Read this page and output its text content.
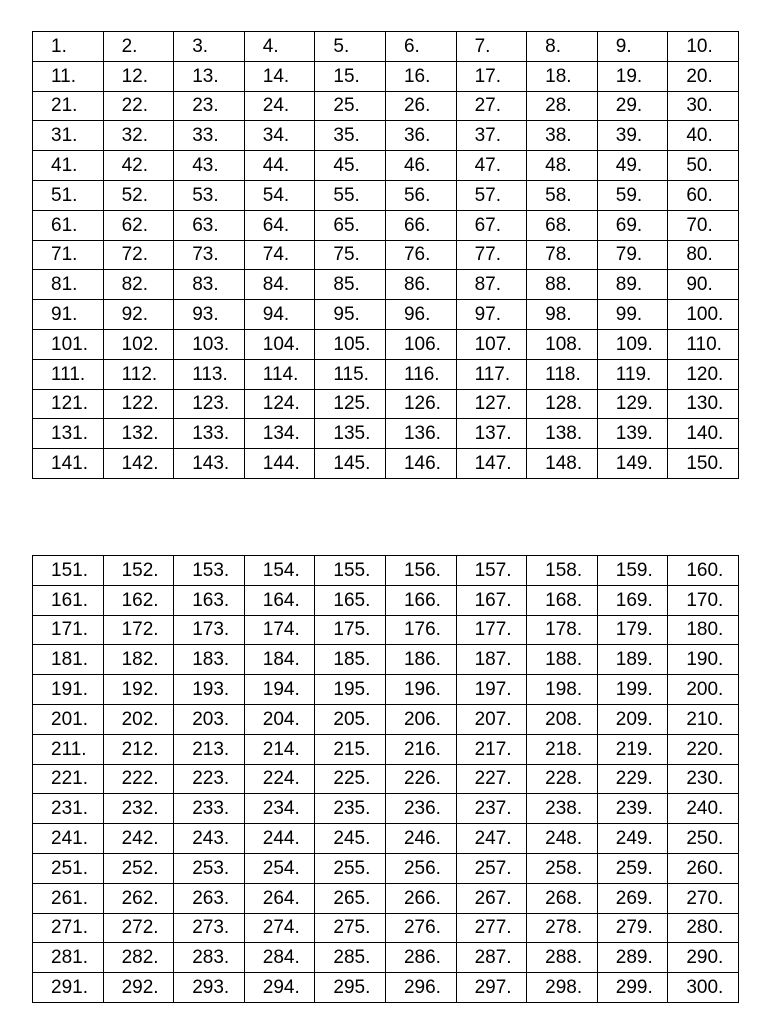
1.	2.	3.	4.	5.	6.	7.	8.	9.	10.
11.	12.	13.	14.	15.	16.	17.	18.	19.	20.
21.	22.	23.	24.	25.	26.	27.	28.	29.	30.
31.	32.	33.	34.	35.	36.	37.	38.	39.	40.
41.	42.	43.	44.	45.	46.	47.	48.	49.	50.
51.	52.	53.	54.	55.	56.	57.	58.	59.	60.
61.	62.	63.	64.	65.	66.	67.	68.	69.	70.
71.	72.	73.	74.	75.	76.	77.	78.	79.	80.
81.	82.	83.	84.	85.	86.	87.	88.	89.	90.
91.	92.	93.	94.	95.	96.	97.	98.	99.	100.
101.	102.	103.	104.	105.	106.	107.	108.	109.	110.
111.	112.	113.	114.	115.	116.	117.	118.	119.	120.
121.	122.	123.	124.	125.	126.	127.	128.	129.	130.
131.	132.	133.	134.	135.	136.	137.	138.	139.	140.
141.	142.	143.	144.	145.	146.	147.	148.	149.	150.
151.	152.	153.	154.	155.	156.	157.	158.	159.	160.
161.	162.	163.	164.	165.	166.	167.	168.	169.	170.
171.	172.	173.	174.	175.	176.	177.	178.	179.	180.
181.	182.	183.	184.	185.	186.	187.	188.	189.	190.
191.	192.	193.	194.	195.	196.	197.	198.	199.	200.
201.	202.	203.	204.	205.	206.	207.	208.	209.	210.
211.	212.	213.	214.	215.	216.	217.	218.	219.	220.
221.	222.	223.	224.	225.	226.	227.	228.	229.	230.
231.	232.	233.	234.	235.	236.	237.	238.	239.	240.
241.	242.	243.	244.	245.	246.	247.	248.	249.	250.
251.	252.	253.	254.	255.	256.	257.	258.	259.	260.
261.	262.	263.	264.	265.	266.	267.	268.	269.	270.
271.	272.	273.	274.	275.	276.	277.	278.	279.	280.
281.	282.	283.	284.	285.	286.	287.	288.	289.	290.
291.	292.	293.	294.	295.	296.	297.	298.	299.	300.
